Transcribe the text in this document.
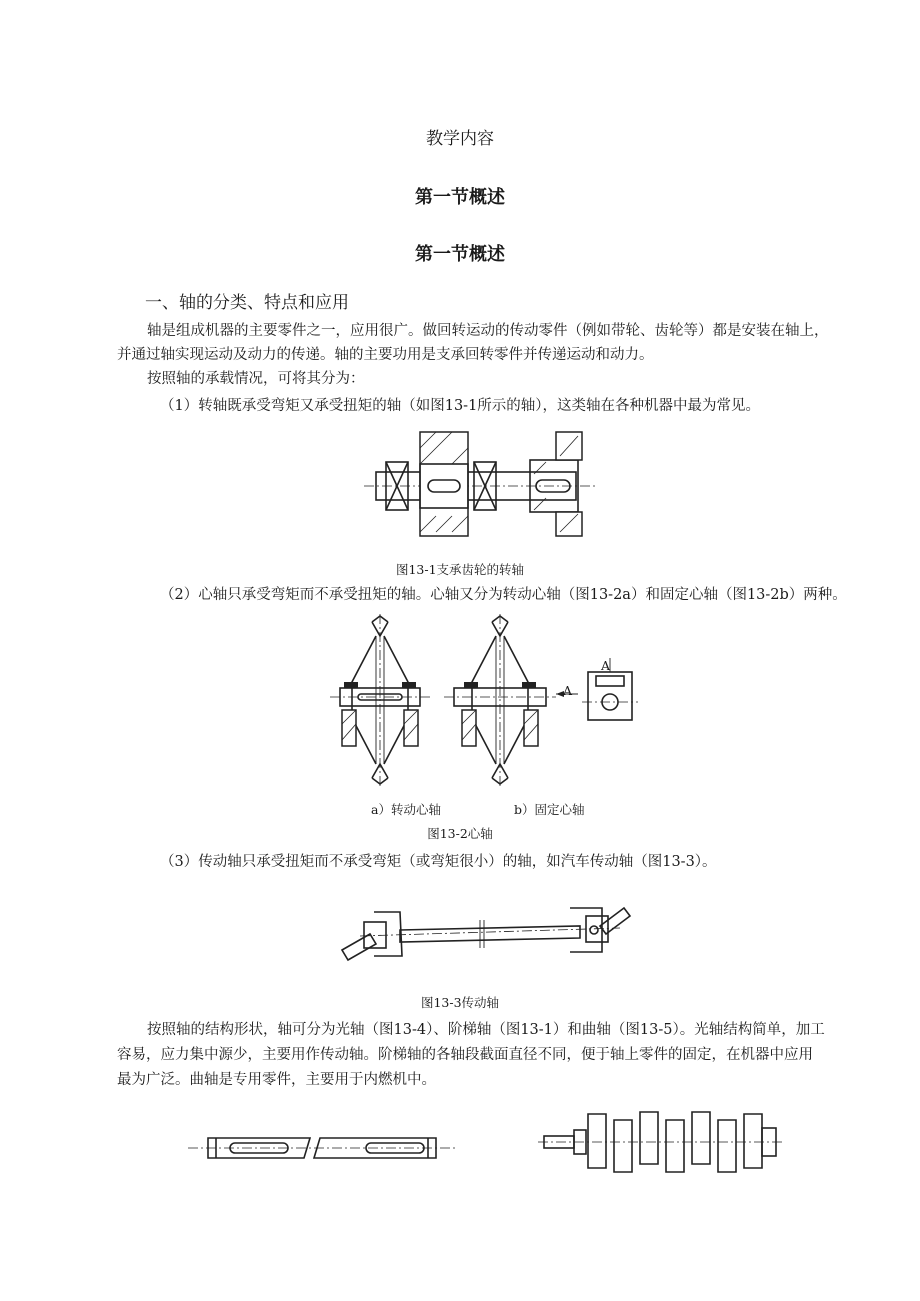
教学内容
第一节概述
第一节概述
一、轴的分类、特点和应用
轴是组成机器的主要零件之一，应用很广。做回转运动的传动零件（例如带轮、齿轮等）都是安装在轴上，
并通过轴实现运动及动力的传递。轴的主要功用是支承回转零件并传递运动和动力。
按照轴的承载情况，可将其分为：
（1）转轴既承受弯矩又承受扭矩的轴（如图13-1所示的轴），这类轴在各种机器中最为常见。
图13-1支承齿轮的转轴
（2）心轴只承受弯矩而不承受扭矩的轴。心轴又分为转动心轴（图13-2a）和固定心轴（图13-2b）两种。
A
A
a）转动心轴	b）固定心轴
图13-2心轴
（3）传动轴只承受扭矩而不承受弯矩（或弯矩很小）的轴，如汽车传动轴（图13-3）。
图13-3传动轴
按照轴的结构形状，轴可分为光轴（图13-4）、阶梯轴（图13-1）和曲轴（图13-5）。光轴结构简单，加工
容易，应力集中源少，主要用作传动轴。阶梯轴的各轴段截面直径不同，便于轴上零件的固定，在机器中应用
最为广泛。曲轴是专用零件，主要用于内燃机中。
